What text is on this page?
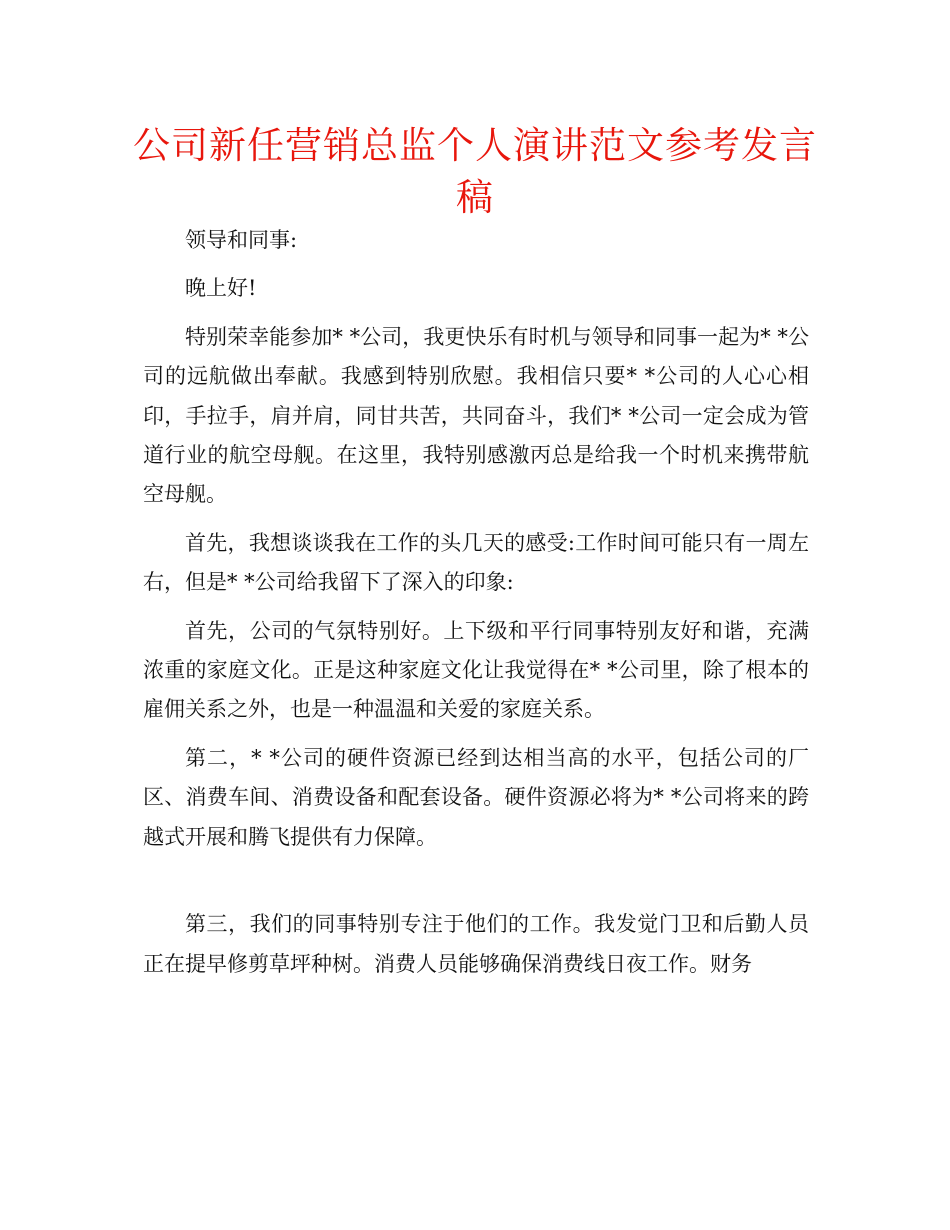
公司新任营销总监个人演讲范文参考发言稿

领导和同事:

晚上好!

特别荣幸能参加* *公司，我更快乐有时机与领导和同事一起为* *公司的远航做出奉献。我感到特别欣慰。我相信只要* *公司的人心心相印，手拉手，肩并肩，同甘共苦，共同奋斗，我们* *公司一定会成为管道行业的航空母舰。在这里，我特别感激丙总是给我一个时机来携带航空母舰。

首先，我想谈谈我在工作的头几天的感受:工作时间可能只有一周左右，但是* *公司给我留下了深入的印象:

首先，公司的气氛特别好。上下级和平行同事特别友好和谐，充满浓重的家庭文化。正是这种家庭文化让我觉得在* *公司里，除了根本的雇佣关系之外，也是一种温温和关爱的家庭关系。

第二，* *公司的硬件资源已经到达相当高的水平，包括公司的厂区、消费车间、消费设备和配套设备。硬件资源必将为* *公司将来的跨越式开展和腾飞提供有力保障。

第三，我们的同事特别专注于他们的工作。我发觉门卫和后勤人员正在提早修剪草坪种树。消费人员能够确保消费线日夜工作。财务
